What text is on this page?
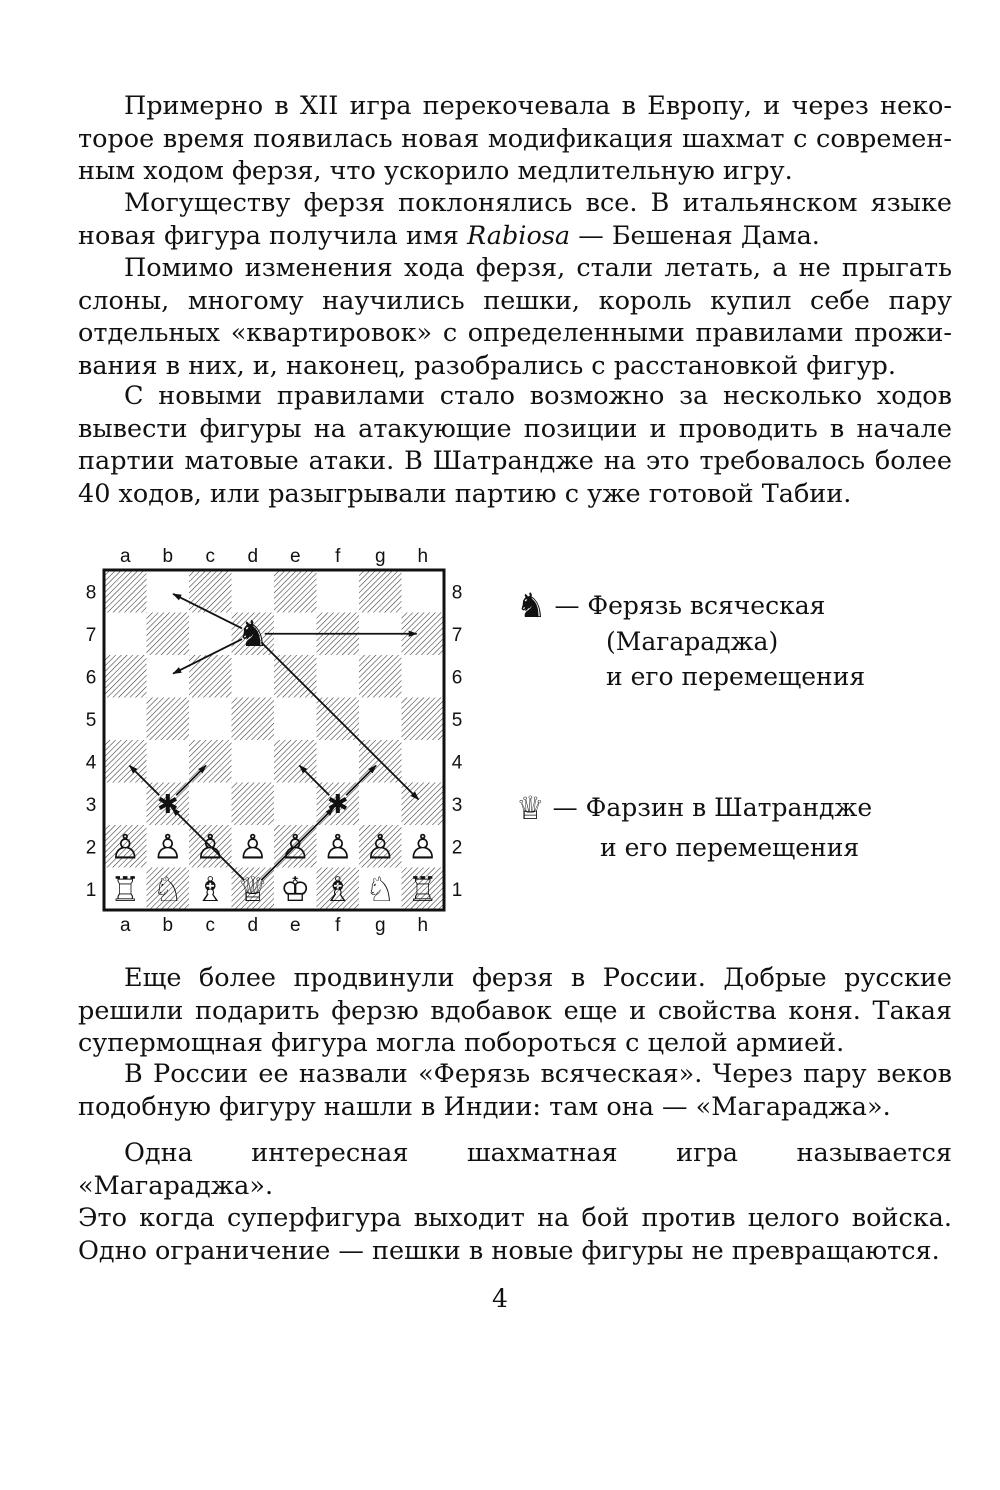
Примерно в XII игра перекочевала в Европу, и через неко-
торое время появилась новая модификация шахмат с современ-
ным ходом ферзя, что ускорило медлительную игру.
Могуществу ферзя поклонялись все. В итальянском языке
новая фигура получила имя Rabiosa — Бешеная Дама.
Помимо изменения хода ферзя, стали летать, а не прыгать
слоны, многому научились пешки, король купил себе пару
отдельных «квартировок» с определенными правилами прожи-
вания в них, и, наконец, разобрались с расстановкой фигур.
С новыми правилами стало возможно за несколько ходов
вывести фигуры на атакующие позиции и проводить в начале
партии матовые атаки. В Шатрандже на это требовалось более
40 ходов, или разыгрывали партию с уже готовой Табии.
a
a
b
b
c
c
d
d
e
e
f
f
g
g
h
h
8	8
7	7
6	6
5	5
4	4
3	3
2	2
1	1
♙
♖
♙
♘
♙
♗
♙
♕
♙
♔
♙
♗
♙
♘
♙
♖
♞
✱	✱
♞ — Ферязь всяческая
(Магараджа)
и его перемещения
♕ — Фарзин в Шатрандже
и его перемещения
Еще более продвинули ферзя в России. Добрые русские
решили подарить ферзю вдобавок еще и свойства коня. Такая
супермощная фигура могла побороться с целой армией.
В России ее назвали «Ферязь всяческая». Через пару веков
подобную фигуру нашли в Индии: там она — «Магараджа».
Одна интересная шахматная игра называется «Магараджа».
Это когда суперфигура выходит на бой против целого войска.
Одно ограничение — пешки в новые фигуры не превращаются.
4
